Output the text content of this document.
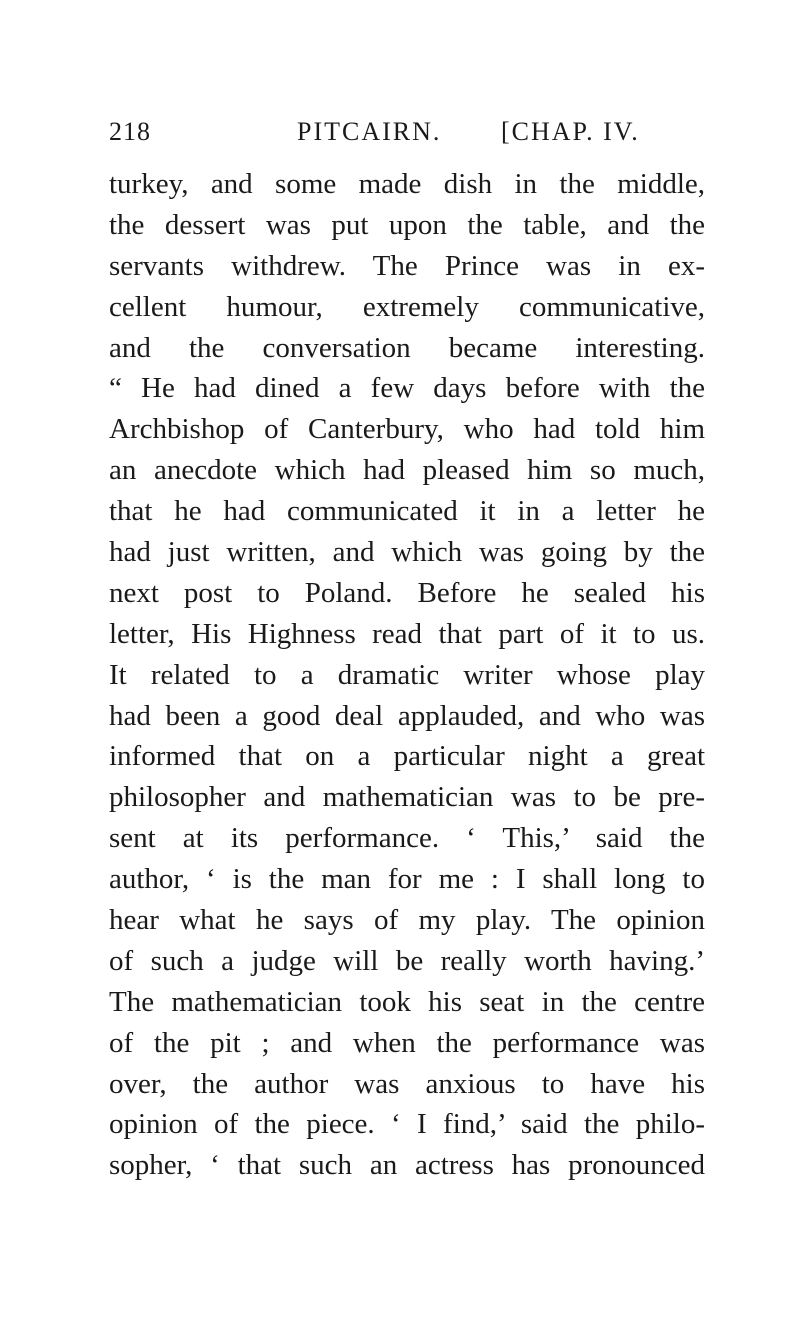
218	PITCAIRN. [CHAP. IV.
turkey, and some made dish in the middle,
the dessert was put upon the table, and the
servants withdrew. The Prince was in ex-
cellent humour, extremely communicative,
and the conversation became interesting.
“ He had dined a few days before with the
Archbishop of Canterbury, who had told him
an anecdote which had pleased him so much,
that he had communicated it in a letter he
had just written, and which was going by the
next post to Poland. Before he sealed his
letter, His Highness read that part of it to us.
It related to a dramatic writer whose play
had been a good deal applauded, and who was
informed that on a particular night a great
philosopher and mathematician was to be pre-
sent at its performance. ‘ This,’ said the
author, ‘ is the man for me : I shall long to
hear what he says of my play. The opinion
of such a judge will be really worth having.’
The mathematician took his seat in the centre
of the pit ; and when the performance was
over, the author was anxious to have his
opinion of the piece. ‘ I find,’ said the philo-
sopher, ‘ that such an actress has pronounced
